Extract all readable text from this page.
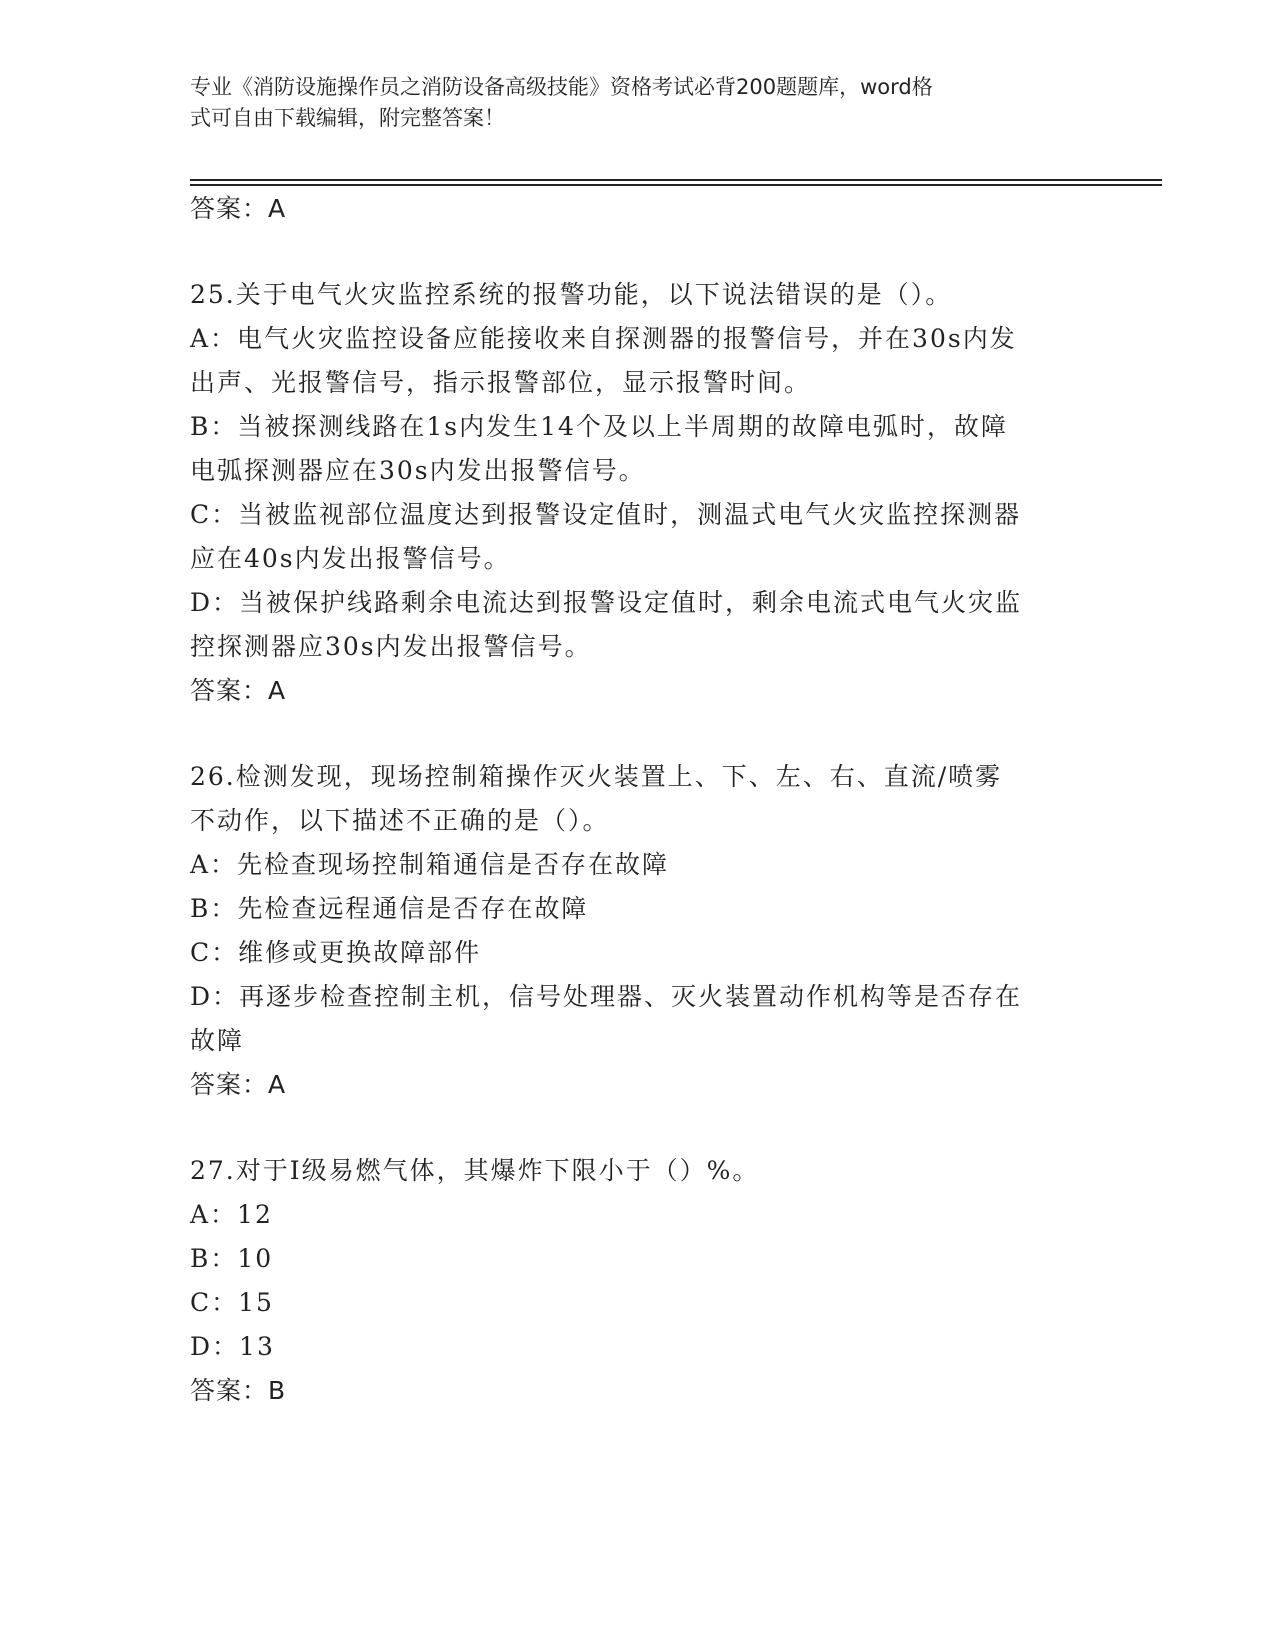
专业《消防设施操作员之消防设备高级技能》资格考试必背200题题库，word格
式可自由下载编辑，附完整答案！
答案：A
25.关于电气火灾监控系统的报警功能，以下说法错误的是（）。
A：电气火灾监控设备应能接收来自探测器的报警信号，并在30s内发
出声、光报警信号，指示报警部位，显示报警时间。
B：当被探测线路在1s内发生14个及以上半周期的故障电弧时，故障
电弧探测器应在30s内发出报警信号。
C：当被监视部位温度达到报警设定值时，测温式电气火灾监控探测器
应在40s内发出报警信号。
D：当被保护线路剩余电流达到报警设定值时，剩余电流式电气火灾监
控探测器应30s内发出报警信号。
答案：A
26.检测发现，现场控制箱操作灭火装置上、下、左、右、直流/喷雾
不动作，以下描述不正确的是（）。
A：先检查现场控制箱通信是否存在故障
B：先检查远程通信是否存在故障
C：维修或更换故障部件
D：再逐步检查控制主机，信号处理器、灭火装置动作机构等是否存在
故障
答案：A
27.对于Ⅰ级易燃气体，其爆炸下限小于（）%。
A：12
B：10
C：15
D：13
答案：B
